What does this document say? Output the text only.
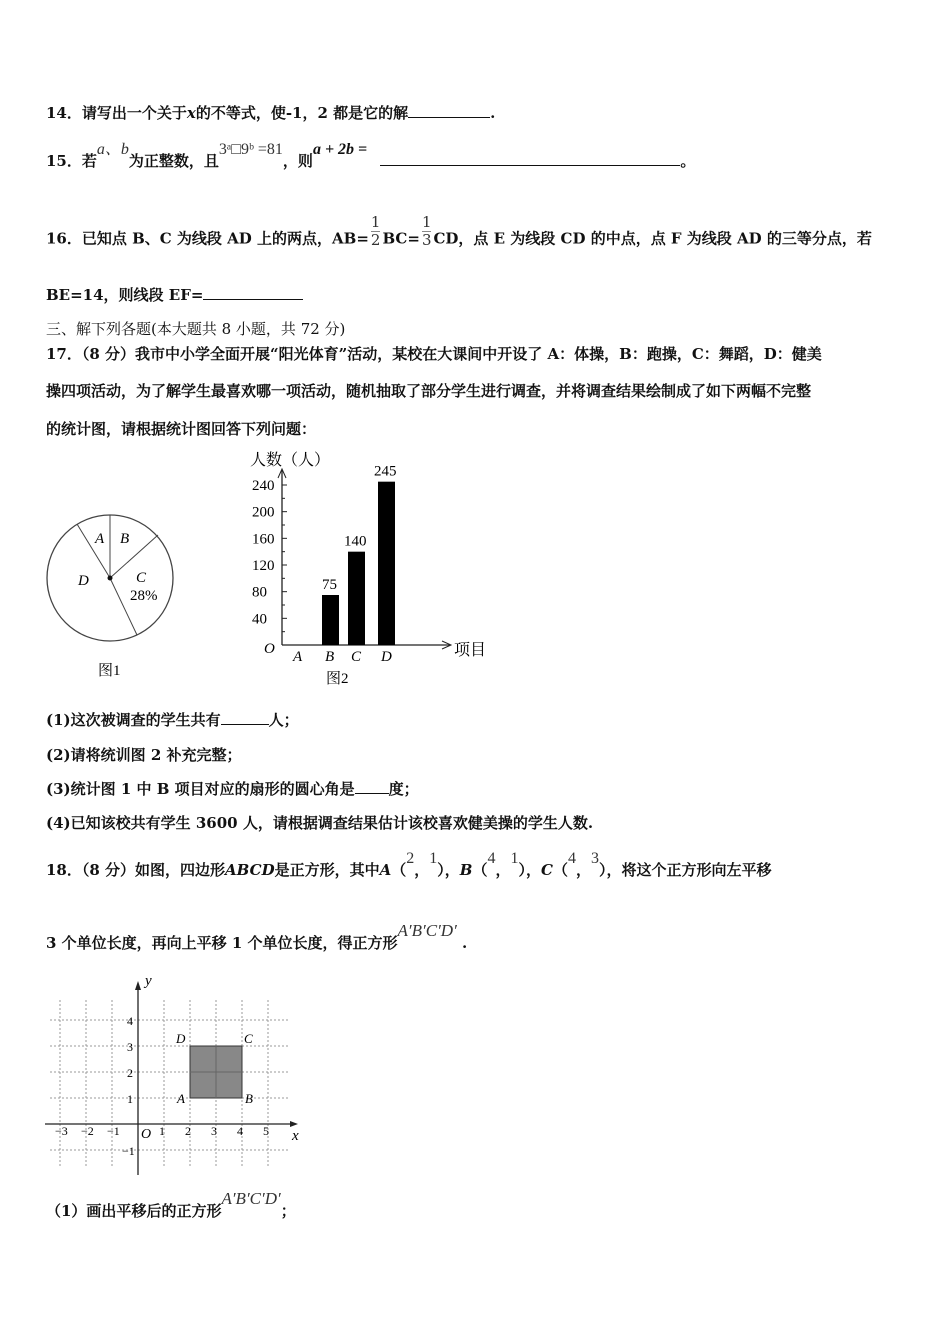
14．请写出一个关于x的不等式，使-1，2 都是它的解	.
15．若a、b为正整数，且3ᵃ□9ᵇ =81，则a + 2b = 。
16．已知点 B、C 为线段 AD 上的两点，$AB= \frac{1}{2} BC= \frac{1}{3}$ CD，点 E 为线段 CD 的中点，点 F 为线段 AD 的三等分点，若
BE=14，则线段 EF=
三、解下列各题(本大题共 8 小题，共 72 分)
17．（8 分）我市中小学全面开展“阳光体育”活动，某校在大课间中开设了 A：体操，B：跑操，C：舞蹈，D：健美
操四项活动，为了解学生最喜欢哪一项活动，随机抽取了部分学生进行调查，并将调查结果绘制成了如下两幅不完整
的统计图，请根据统计图回答下列问题：
A B
C
28%
D
图1
人数（人）
项目
O
40
80
120
160
200
240
A B
75
C
140
D
245
图2
(1)这次被调查的学生共有	人；
(2)请将统训图 2 补充完整；
(3)统计图 1 中 B 项目对应的扇形的圆心角是 度；
(4)已知该校共有学生 3600 人，请根据调查结果估计该校喜欢健美操的学生人数.
18．（8 分）如图，四边形ABCD是正方形，其中A（2，1），B（4，1），C（4，3），将这个正方形向左平移
3 个单位长度，再向上平移 1 个单位长度，得正方形A′B′C′D′ .
x
y
O
−3 −2 −1	1 2 3 4 5
4
3
2
1
−1
A	B
C
D
（1）画出平移后的正方形A′B′C′D′；
